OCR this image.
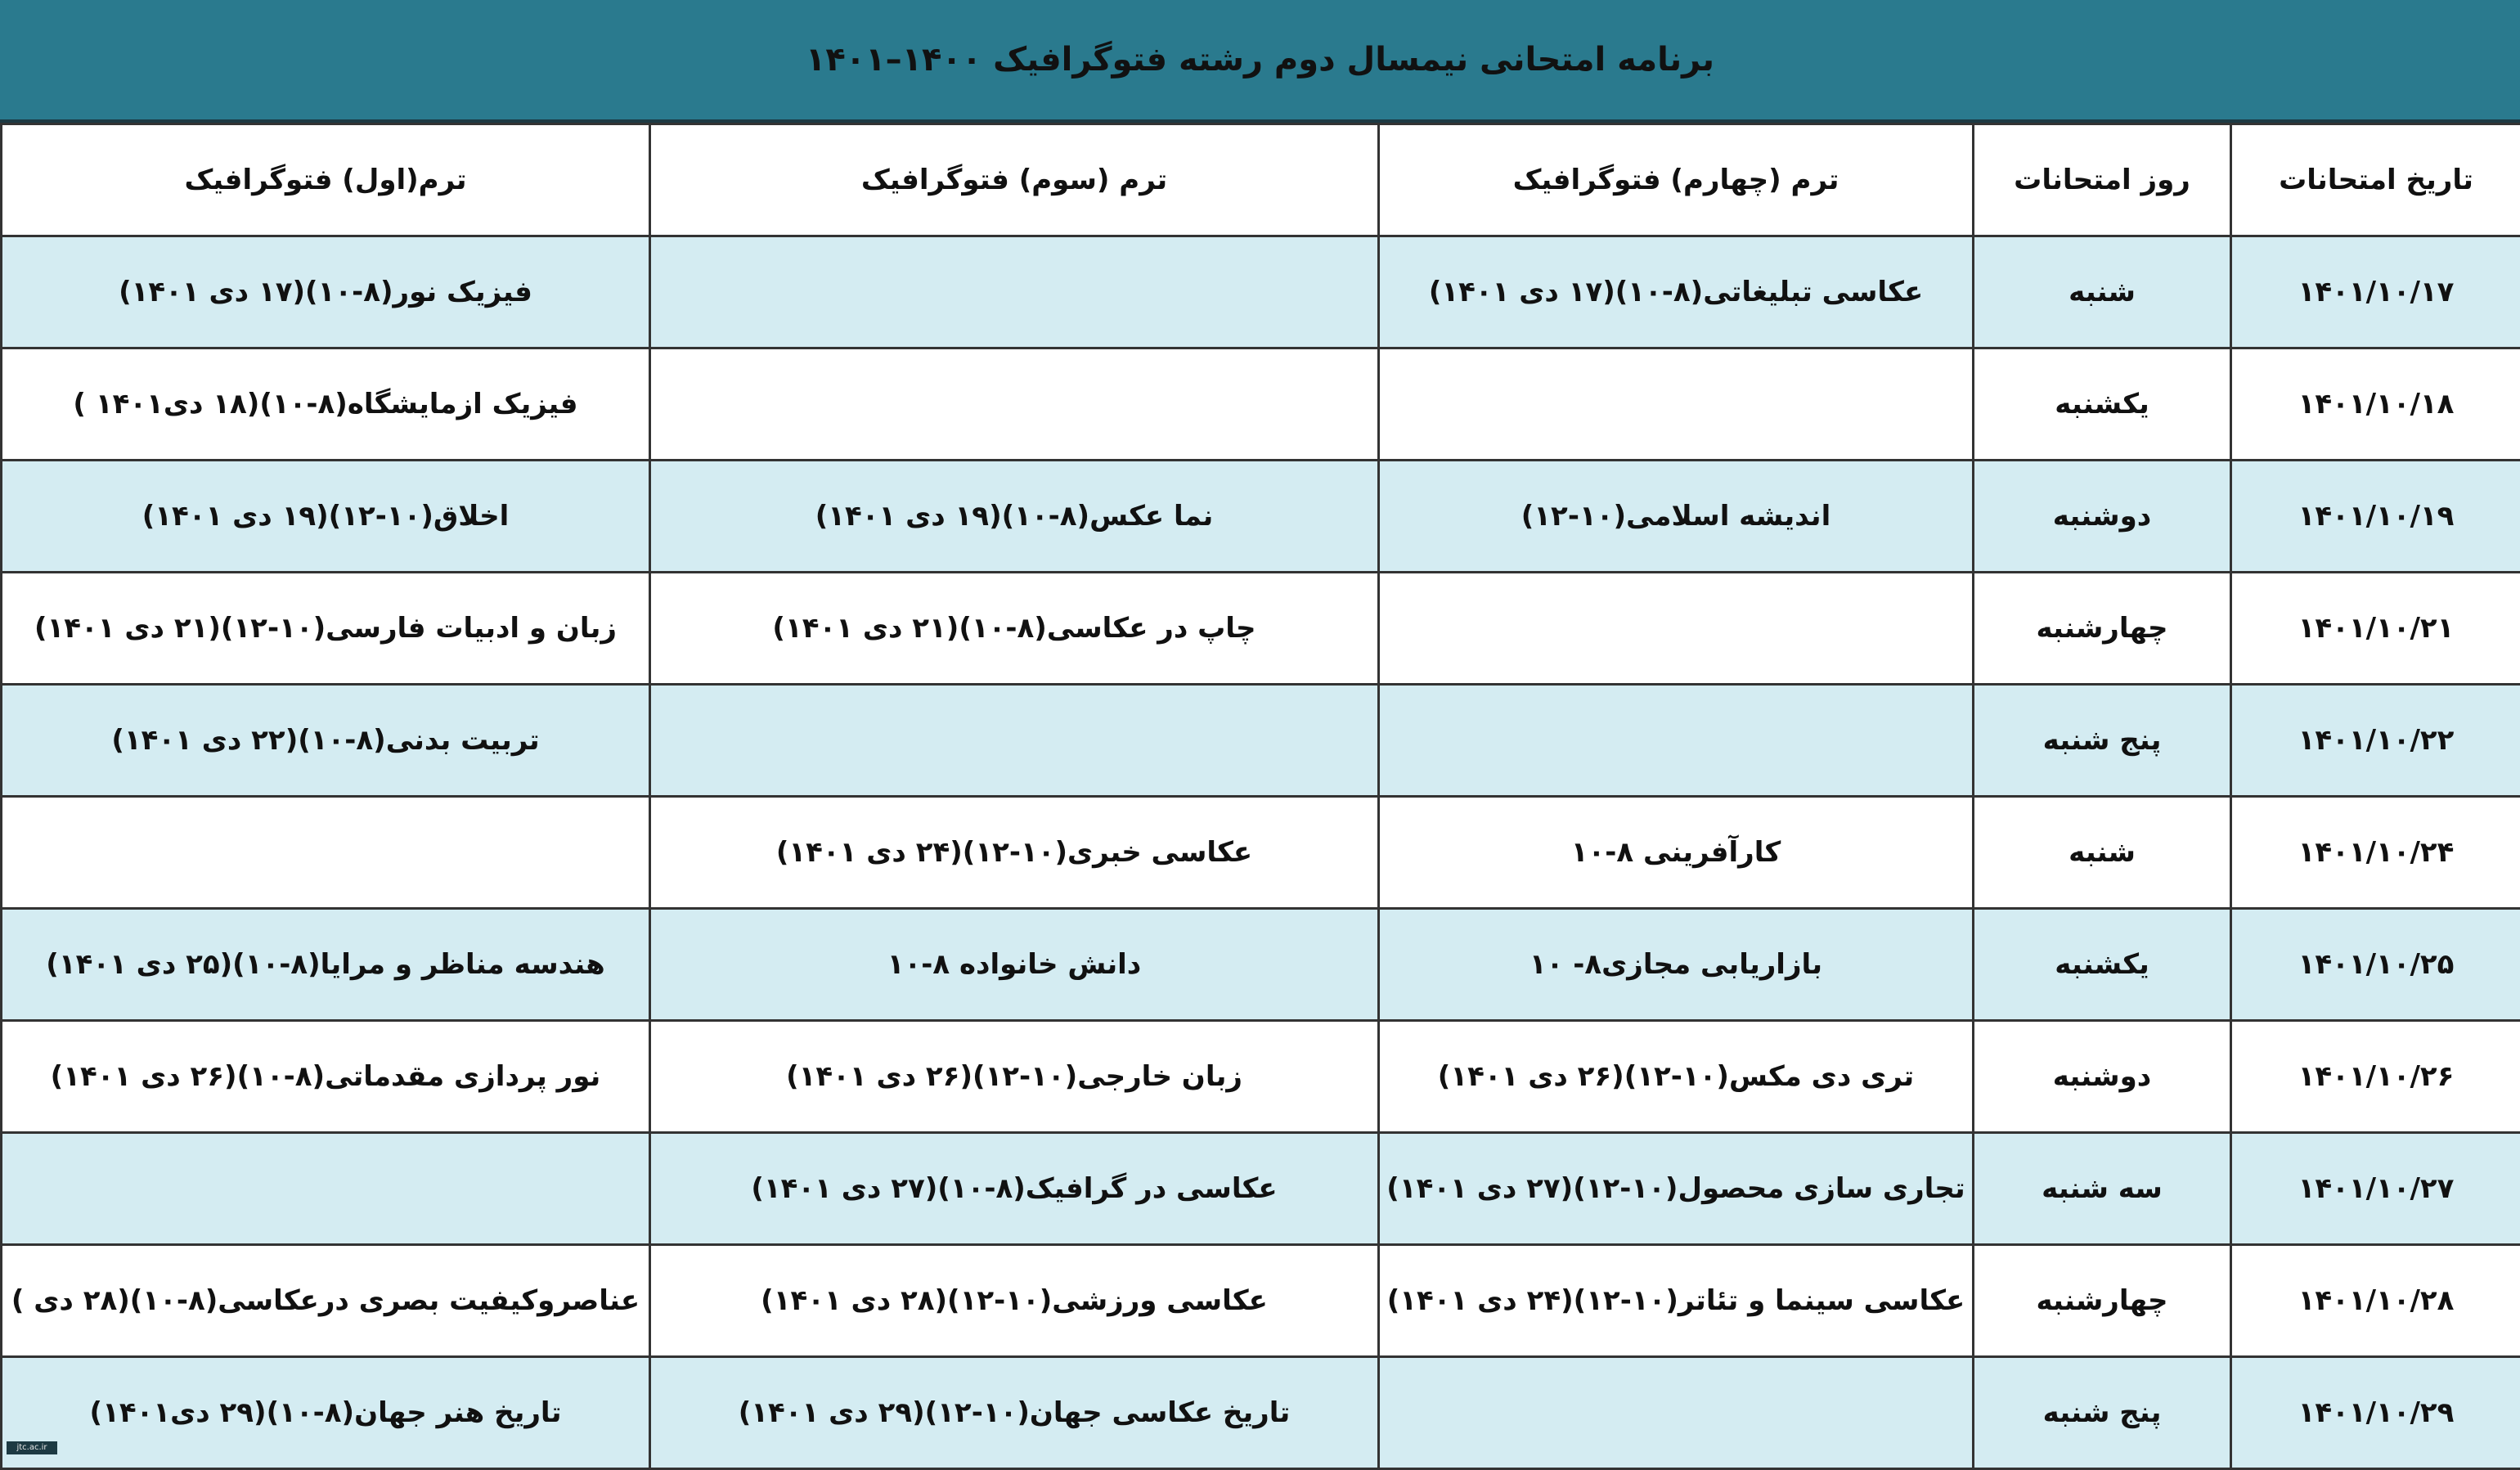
برنامه امتحانی نیمسال دوم رشته فتوگرافیک ۱۴۰۰–۱۴۰۱
تاریخ امتحانات	روز امتحانات	ترم (چهارم) فتوگرافیک	ترم (سوم) فتوگرافیک	ترم(اول) فتوگرافیک
۱۴۰۱/۱۰/۱۷	شنبه	عکاسی تبلیغاتی(۸-۱۰)(۱۷ دی ۱۴۰۱)		فیزیک نور(۸-۱۰)(۱۷ دی ۱۴۰۱)
۱۴۰۱/۱۰/۱۸	یکشنبه			فیزیک ازمایشگاه(۸-۱۰)(۱۸ دی۱۴۰۱ )
۱۴۰۱/۱۰/۱۹	دوشنبه	اندیشه اسلامی(۱۰-۱۲)	نما عکس(۸-۱۰)(۱۹ دی ۱۴۰۱)	اخلاق(۱۰-۱۲)(۱۹ دی ۱۴۰۱)
۱۴۰۱/۱۰/۲۱	چهارشنبه		چاپ در عکاسی(۸-۱۰)(۲۱ دی ۱۴۰۱)	زبان و ادبیات فارسی(۱۰-۱۲)(۲۱ دی ۱۴۰۱)
۱۴۰۱/۱۰/۲۲	پنج شنبه			تربیت بدنی(۸-۱۰)(۲۲ دی ۱۴۰۱)
۱۴۰۱/۱۰/۲۴	شنبه	کارآفرینی ۸-۱۰	عکاسی خبری(۱۰-۱۲)(۲۴ دی ۱۴۰۱)	
۱۴۰۱/۱۰/۲۵	یکشنبه	بازاریابی مجازی۸- ۱۰	دانش خانواده ۸-۱۰	هندسه مناظر و مرایا(۸-۱۰)(۲۵ دی ۱۴۰۱)
۱۴۰۱/۱۰/۲۶	دوشنبه	تری دی مکس(۱۰-۱۲)(۲۶ دی ۱۴۰۱)	زبان خارجی(۱۰-۱۲)(۲۶ دی ۱۴۰۱)	نور پردازی مقدماتی(۸-۱۰)(۲۶ دی ۱۴۰۱)
۱۴۰۱/۱۰/۲۷	سه شنبه	تجاری سازی محصول(۱۰-۱۲)(۲۷ دی ۱۴۰۱)	عکاسی در گرافیک(۸-۱۰)(۲۷ دی ۱۴۰۱)	
۱۴۰۱/۱۰/۲۸	چهارشنبه	عکاسی سینما و تئاتر(۱۰-۱۲)(۲۴ دی ۱۴۰۱)	عکاسی ورزشی(۱۰-۱۲)(۲۸ دی ۱۴۰۱)	عناصروکیفیت بصری درعکاسی(۸-۱۰)(۲۸ دی )
۱۴۰۱/۱۰/۲۹	پنج شنبه		تاریخ عکاسی جهان(۱۰-۱۲)(۲۹ دی ۱۴۰۱)	تاریخ هنر جهان(۸-۱۰)(۲۹ دی۱۴۰۱)
jtc.ac.ir
